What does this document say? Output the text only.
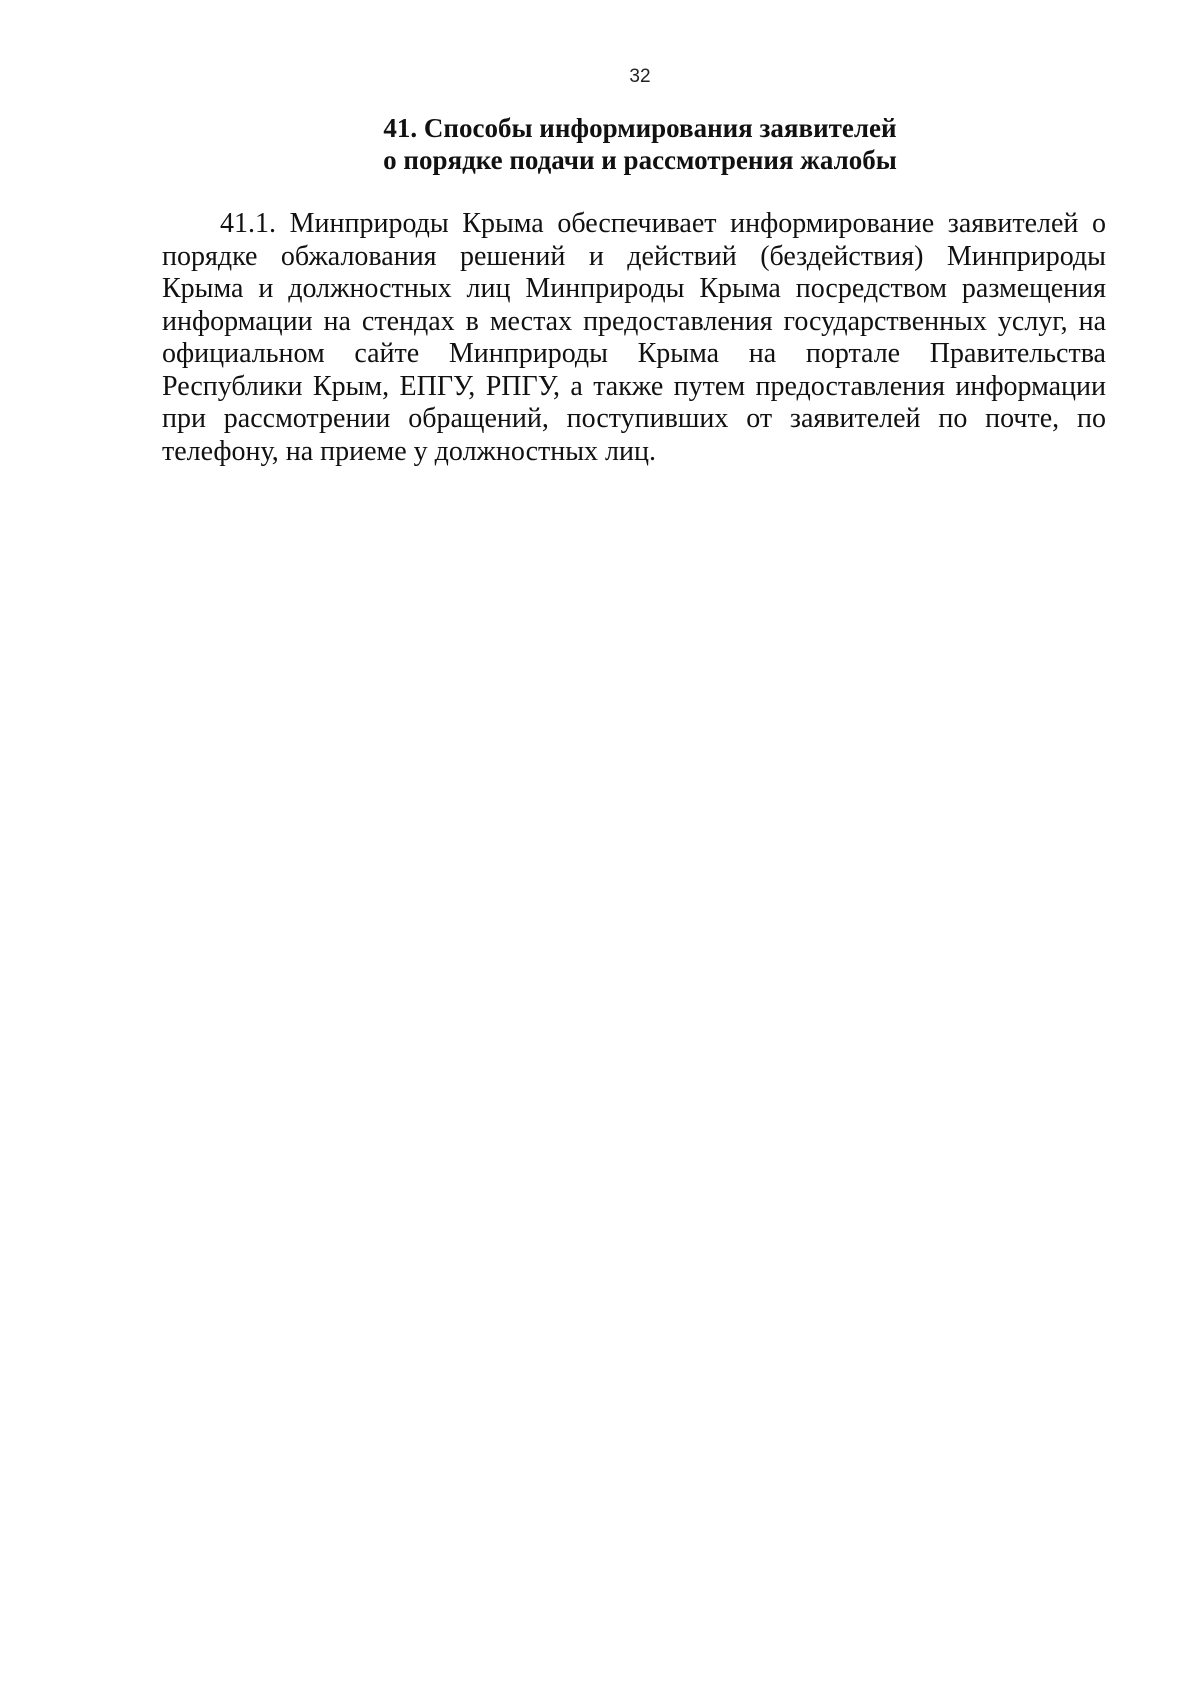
32
41. Способы информирования заявителей
о порядке подачи и рассмотрения жалобы
41.1. Минприроды Крыма обеспечивает информирование заявителей о
порядке обжалования решений и действий (бездействия) Минприроды
Крыма и должностных лиц Минприроды Крыма посредством размещения
информации на стендах в местах предоставления государственных услуг, на
официальном сайте Минприроды Крыма на портале Правительства
Республики Крым, ЕПГУ, РПГУ, а также путем предоставления информации
при рассмотрении обращений, поступивших от заявителей по почте, по
телефону, на приеме у должностных лиц.
